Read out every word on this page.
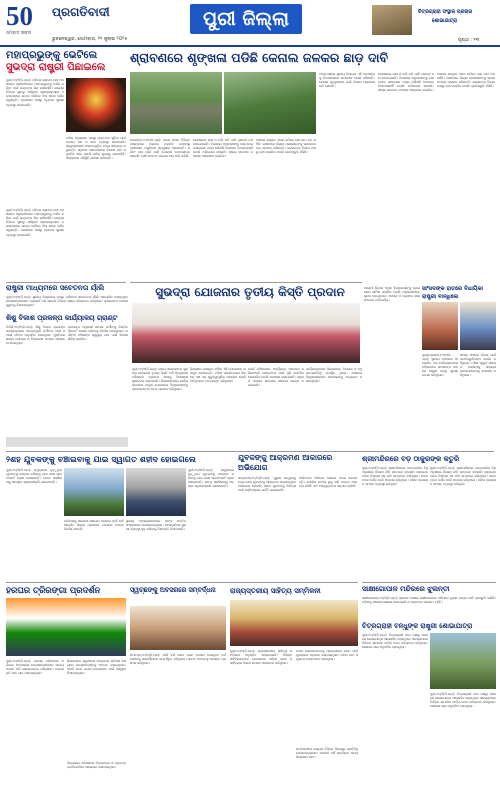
50
ସମ୍ବାଦ ଜୀବନ
ପ୍ରଗତିବାଦୀ
ଭୁବନେଶ୍ୱର, ସୋମବାର, ୨୧ ଜୁଲାଇ ୨୦୨୫
ପୁରୀ ଜିଲ୍ଲା	ଚିତ୍ରଗ୍ରାହୀ ସଂସ୍ଥାର ପ୍ରଚାର
ଶୋଭାଯାତ୍ରା
ପୃଷ୍ଠା : ୧୩
ମହାପ୍ରଭୁଙ୍କୁ ଭେଟିଲେ
ସୁଭଦ୍ରା ରାଷ୍ଟ୍ରୀ ପିଛାଇଲେ
ପୁରୀ,୨୦/୭(ନି.ପ୍ର): ପବିତ୍ର ଶ୍ରାବଣ ମାସ ଅବସରରେ ଶ୍ରୀମନ୍ଦିରରେ ମହାପ୍ରଭୁଙ୍କୁ ଦର୍ଶନ କରିବା ପାଇଁ ଭକ୍ତଙ୍କ ଭିଡ଼ ଲାଗିରହିଛି। ରାଜ୍ୟର ବିଭିନ୍ନ ସ୍ଥାନରୁ ଆସିଥିବା ଶ୍ରଦ୍ଧାଳୁମାନେ ବଡ଼ଦାଣ୍ଡରେ ଲମ୍ବା ଧାଡ଼ିରେ ଠିଆ ହୋଇ ଦର୍ଶନ କରୁଛନ୍ତି। ପ୍ରଶାସନ ପକ୍ଷରୁ ବ୍ୟାପକ ସୁରକ୍ଷା ବ୍ୟବସ୍ଥା କରାଯାଇଛି।
ମନ୍ଦିର ପ୍ରଶାସନ ପକ୍ଷରୁ ଭକ୍ତଙ୍କ ସୁବିଧା ପାଇଁ ପାନୀୟ ଜଳ ଓ ଛାଇ ବ୍ୟବସ୍ଥା କରାଯାଇଛି। ସ୍ୱେଚ୍ଛାସେବୀ ସଂଗଠନଗୁଡ଼ିକ ମଧ୍ୟ ସହଯୋଗ କରୁଛନ୍ତି। ଶ୍ରାବଣ ସୋମବାରରେ ବିଶେଷ ନୀତି ଅନୁଷ୍ଠିତ ହେବ ବୋଲି ମନ୍ଦିର ସୂତ୍ରରୁ ଜଣାପଡ଼ିଛି। ଜିଲ୍ଲାପାଳ ପରିସ୍ଥିତି ସମୀକ୍ଷା କରିଛନ୍ତି।
ପୁରୀ,୨୦/୭(ନି.ପ୍ର): ପବିତ୍ର ଶ୍ରାବଣ ମାସ ଅବସରରେ ଶ୍ରୀମନ୍ଦିରରେ ମହାପ୍ରଭୁଙ୍କୁ ଦର୍ଶନ କରିବା ପାଇଁ ଭକ୍ତଙ୍କ ଭିଡ଼ ଲାଗିରହିଛି। ରାଜ୍ୟର ବିଭିନ୍ନ ସ୍ଥାନରୁ ଆସିଥିବା ଶ୍ରଦ୍ଧାଳୁମାନେ ବଡ଼ଦାଣ୍ଡରେ ଲମ୍ବା ଧାଡ଼ିରେ ଠିଆ ହୋଇ ଦର୍ଶନ କରୁଛନ୍ତି। ପ୍ରଶାସନ ପକ୍ଷରୁ ବ୍ୟାପକ ସୁରକ୍ଷା ବ୍ୟବସ୍ଥା କରାଯାଇଛି।
ଶ୍ରାବଣରେ ଶୃଙ୍ଖଳା ପଡିଛି କେନାଲ ଜଳକର ଛାଡ଼ ଦାବି
ଡେଲାଙ୍ଗ,୨୦/୭(ନି.ପ୍ର): ବ୍ଲକ ଅଧୀନ ବିଭିନ୍ନ ପଞ୍ଚାୟତରେ କେନାଲ ମରାମତି ନହେବାରୁ ଚାଷୀମାନେ ଅସୁବିଧାର ସମ୍ମୁଖୀନ ହେଉଛନ୍ତି। ଖରିଫ ଚାଷ ପାଇଁ ପାଣି ଯୋଗାଣ ବାଧାପ୍ରାପ୍ତ ହୋଇଛି। ଚାଷୀ ସଂଗଠନ ଜଳକର ଛାଡ଼ ଦାବି କରିଛି।
କେନାଲରେ ଘାସ ଓ ଝାଡ଼ି ଜମି ପାଣି ପ୍ରବାହ ବନ୍ଦ ହୋଇଯାଇଛି। ବିଭାଗୀୟ ଅଧିକାରୀଙ୍କୁ ବାରମ୍ବାର ଜଣାଇଲେ ମଧ୍ୟ କୌଣସି ପଦକ୍ଷେପ ନିଆଯାଇନାହିଁ ବୋଲି ଅଭିଯୋଗ ହୋଇଛି। ଶୀଘ୍ର ସମାଧାନ ନହେଲେ ଆନ୍ଦୋଳନ କରାଯିବ।
ଅଞ୍ଚଳର ଶତାଧିକ ଏକର ଜମିରେ ଚାଷ କାମ ବନ୍ଦ ରହିଛି। ଚାଷୀମାନେ ଜିଲ୍ଲା ପ୍ରଶାସନଙ୍କୁ ସ୍ମାରକପତ୍ର ପ୍ରଦାନ କରିଛନ୍ତି। ଜଳସମ୍ପଦ ବିଭାଗ ପକ୍ଷରୁ ଯାଞ୍ଚ କରାଯିବ ବୋଲି ପ୍ରତିଶ୍ରୁତି ମିଳିଛି।
ଅନ୍ୟପକ୍ଷରେ ସ୍ଥାନୀୟ ବିଧାୟକ ଏହି ପ୍ରସଙ୍ଗକୁ ବିଧାନସଭାରେ ଉଠାଇବେ ବୋଲି କହିଛନ୍ତି। କେନାଲ ପୁନରୁଦ୍ଧାର ପାଇଁ ବିଶେଷ ପ୍ୟାକେଜ ଦାବି ହୋଇଛି।
କେନାଲରେ ଘାସ ଓ ଝାଡ଼ି ଜମି ପାଣି ପ୍ରବାହ ବନ୍ଦ ହୋଇଯାଇଛି। ବିଭାଗୀୟ ଅଧିକାରୀଙ୍କୁ ବାରମ୍ବାର ଜଣାଇଲେ ମଧ୍ୟ କୌଣସି ପଦକ୍ଷେପ ନିଆଯାଇନାହିଁ ବୋଲି ଅଭିଯୋଗ ହୋଇଛି। ଶୀଘ୍ର ସମାଧାନ ନହେଲେ ଆନ୍ଦୋଳନ କରାଯିବ।
ଅଞ୍ଚଳର ଶତାଧିକ ଏକର ଜମିରେ ଚାଷ କାମ ବନ୍ଦ ରହିଛି। ଚାଷୀମାନେ ଜିଲ୍ଲା ପ୍ରଶାସନଙ୍କୁ ସ୍ମାରକପତ୍ର ପ୍ରଦାନ କରିଛନ୍ତି। ଜଳସମ୍ପଦ ବିଭାଗ ପକ୍ଷରୁ ଯାଞ୍ଚ କରାଯିବ ବୋଲି ପ୍ରତିଶ୍ରୁତି ମିଳିଛି।
ରାଷ୍ଟ୍ରୀ ମାଧ୍ୟମରେ ସଚେତନତା ର୍ୟାଲି
ପୁରୀ,୨୦/୭(ନି.ପ୍ର): ସ୍ଥାନୀୟ ବିଦ୍ୟାଳୟ ପକ୍ଷରୁ ପରିବେଶ ସଚେତନତା ର୍ୟାଲି ଆୟୋଜିତ ହୋଇଥିଲା। ଛାତ୍ରଛାତ୍ରୀମାନେ ପ୍ଲାକାର୍ଡ ଧରି ସହରର ବିଭିନ୍ନ ରାସ୍ତା ପରିକ୍ରମା କରିଥିଲେ। ବୃକ୍ଷରୋପଣ ଉପରେ ଗୁରୁତ୍ୱ ଦିଆଯାଇଥିଲା।
ଶିଶୁ ବିକାଶ ପ୍ରକଳ୍ପ କାର୍ଯ୍ୟାଳୟ ଗ୍ରାଣ୍ଟ
ପିପିଲି,୨୦/୭(ନି.ପ୍ର): ଶିଶୁ ବିକାଶ ପ୍ରକଳ୍ପ କାର୍ଯ୍ୟାଳୟରେ ଅଙ୍ଗନୱାଡ଼ି କର୍ମୀଙ୍କ ପାଇଁ ସମୀକ୍ଷା ବୈଠକ ଅନୁଷ୍ଠିତ ହୋଇଥିଲା। ପୁଷ୍ଟିକର ଖାଦ୍ୟ ଯୋଗାଣ ଓ ଟିକାକରଣ ଉପରେ ଆଲୋଚନା ହୋଇଥିଲା।
ପ୍ରକଳ୍ପ ଅଧିକାରୀ ସମସ୍ତ କର୍ମୀଙ୍କୁ ନିୟମିତ ରିପୋର୍ଟ ଦାଖଲ କରିବାକୁ ନିର୍ଦ୍ଦେଶ ଦେଇଥିଲେ। ଗର୍ଭବତୀ ମହିଳାଙ୍କ ସ୍ୱାସ୍ଥ୍ୟ ଯାଞ୍ଚ ପାଇଁ ବିଶେଷ ଶିବିର କରାଯିବ।
ସୁଭଦ୍ରା ଯୋଜନାର ତୃତୀୟ କିସ୍ତି ପ୍ରଦାନ
ପୁରୀ,୨୦/୭(ନି.ପ୍ର): ରାଜ୍ୟ ସରକାରଙ୍କ ସୁଭଦ୍ରା ଯୋଜନାର ତୃତୀୟ କିସ୍ତି ଅର୍ଥ ହିତାଧିକାରୀ ମହିଳାଙ୍କ ବ୍ୟାଙ୍କ ଖାତାକୁ ସିଧାସଳଖ ସ୍ଥାନାନ୍ତର କରାଯାଇଛି। ଜିଲ୍ଲାସ୍ତରୀୟ କାର୍ଯ୍ୟକ୍ରମରେ ମନ୍ତ୍ରୀ ଯୋଗଦେଇ ହିତାଧିକାରୀଙ୍କୁ ପ୍ରତୀକାତ୍ମକ ଚେକ ପ୍ରଦାନ କରିଥିଲେ।
ଜିଲ୍ଲାରେ ଲକ୍ଷାଧିକ ମହିଳା ଏହି ଯୋଜନାରେ ଉପକୃତ ହୋଇଛନ୍ତି। ମହିଳା ସଶକ୍ତିକରଣ ଦିଗରେ ଏହା ଏକ ଗୁରୁତ୍ୱପୂର୍ଣ୍ଣ ପଦକ୍ଷେପ ବୋଲି ଅତିଥିମାନେ ମତବ୍ୟକ୍ତ କରିଥିଲେ।
ଯେଉଁ ମହିଳାମାନେ ଏପର୍ଯ୍ୟନ୍ତ ଆବେଦନ କରିନାହାନ୍ତି ସେମାନଙ୍କ ପାଇଁ ପୁଣି ପୋର୍ଟାଲ ଖୋଲାଯିବ ବୋଲି ଘୋଷଣା କରାଯାଇଛି। ବ୍ଲକ ଓ ପଞ୍ଚାୟତ ସ୍ତରରେ ସହାୟତା କେନ୍ଦ୍ର କରାଯାଇଛି।
କାର୍ଯ୍ୟକ୍ରମରେ ଜିଲ୍ଲାପାଳ, ବିଧାୟକ ଓ ବହୁ ଜନପ୍ରତିନିଧି ଉପସ୍ଥିତ ଥିଲେ। ଶେଷରେ ହିତାଧିକାରୀମାନେ ସରକାରଙ୍କୁ ଧନ୍ୟବାଦ ଜଣାଇଥିଲେ।
ଆଗାମୀ ଦିନରେ ଅଧିକ ହିତାଧିକାରୀଙ୍କୁ ଯୋଜନାରେ ସାମିଲ କରାଯିବ ବୋଲି ଅଧିକାରୀମାନେ ସୂଚନା ଦେଇଥିଲେ। ଆଧାର ଓ ବ୍ୟାଙ୍କ ଖାତା ସଂଯୋଗ ଅନିବାର୍ଯ୍ୟ।
ସାଂସଦଙ୍କ ହାତରେ ବିଧାୟିକା ରାଷ୍ଟ୍ରୀ ବାନ୍ଧିଲେ
କୃଷ୍ଣପ୍ରସାଦ,୨୦/୭(ନି.ପ୍ର): ସ୍ଥାନୀୟ ଅଞ୍ଚଳରେ ଆୟୋଜିତ ଏକ କାର୍ଯ୍ୟକ୍ରମରେ ମହିଳାମାନେ ସାଂସଦଙ୍କ ହାତରେ ରାଷ୍ଟ୍ରୀ ବାନ୍ଧି ସୁରକ୍ଷା କାମନା କରିଥିଲେ।
ସାଂସଦ ଅଞ୍ଚଳର ବିକାଶ ପାଇଁ ପ୍ରତିଶ୍ରୁତିବଦ୍ଧ ବୋଲି କହିଥିଲେ। ମହିଳା ସ୍ୱୟଂ ସହାୟକ ଗୋଷ୍ଠୀକୁ ସହାୟତା ଯୋଗାଇଦେବାକୁ ଘୋଷଣା କରିଥିଲେ।
୨ଶହ ଯୁବକଙ୍କୁ ବଞ୍ଚାଇବାକୁ ଯାଇ ସ୍ୱାଗତ ଶହୀଦ ହୋଇଗଲେ
ପୁରୀ,୨୦/୭(ନି.ପ୍ର): ସମୁଦ୍ରରେ ବୁଡ଼ୁଥିବା ଯୁବକଙ୍କୁ ଉଦ୍ଧାର କରିବାକୁ ଯାଇ ଜଣେ ଲାଇଫଗାର୍ଡ ପ୍ରାଣ ହରାଇଛନ୍ତି। ତାଙ୍କ ସାହସିକତାକୁ ସମସ୍ତେ ଶ୍ରଦ୍ଧାଞ୍ଜଳି ଜଣାଇଛନ୍ତି।
ପରିବାରକୁ ସରକାରୀ ସହାୟତା ପ୍ରଦାନ ପାଇଁ ଦାବି ହୋଇଛି। ଜିଲ୍ଲା ପ୍ରଶାସନ ଘଟଣାର ତଦନ୍ତ ନିର୍ଦ୍ଦେଶ ଦେଇଛି।
ସ୍ଥାନୀୟ ମତ୍ସ୍ୟଜୀବୀମାନେ ତାଙ୍କ ଅନ୍ତିମ ସଂସ୍କାରରେ ଯୋଗଦେଇଥିଲେ। ବେଳାଭୂମିରେ ସୁରକ୍ଷା ବ୍ୟବସ୍ଥା ଦୃଢ଼ କରିବାକୁ ନିଷ୍ପତ୍ତି ନିଆଯାଇଛି।
ପୁରୀ,୨୦/୭(ନି.ପ୍ର): ସମୁଦ୍ରରେ ବୁଡ଼ୁଥିବା ଯୁବକଙ୍କୁ ଉଦ୍ଧାର କରିବାକୁ ଯାଇ ଜଣେ ଲାଇଫଗାର୍ଡ ପ୍ରାଣ ହରାଇଛନ୍ତି। ତାଙ୍କ ସାହସିକତାକୁ ସମସ୍ତେ ଶ୍ରଦ୍ଧାଞ୍ଜଳି ଜଣାଇଛନ୍ତି।
ଯୁବକଙ୍କୁ ଆକ୍ରମଣ ଆକାରରେ ଅଭିଯୋଗ
ସତ୍ୟବାଦୀ,୨୦/୭(ନି.ପ୍ର): ପୁରୁଣା ଶତ୍ରୁତାକୁ ନେଇ ଜଣେ ଯୁବକଙ୍କୁ ଆକ୍ରମଣ କରାଯାଇଥିବା ଅଭିଯୋଗ ହୋଇଛି। ଆହତ ଯୁବକଙ୍କୁ ଚିକିତ୍ସା ପାଇଁ ହସ୍ପିଟାଲରେ ଭର୍ତ୍ତି କରାଯାଇଛି।
ପୀଡ଼ିତଙ୍କ ପରିବାର ଥାନାରେ ଏତଲା ଦେଇଛନ୍ତି। ପୋଲିସ ମାମଲା ରୁଜୁ କରି ତଦନ୍ତ ଆରମ୍ଭ କରିଛି ଏବଂ ଅଭିଯୁକ୍ତଙ୍କ ସନ୍ଧାନ ଚାଲିଛି।
ଶ୍ରୀମନ୍ଦିରରେ ବଡ଼ ଠାକୁରଙ୍କ କତୁରି
ପୁରୀ,୨୦/୭(ନି.ପ୍ର): ଶ୍ରୀମନ୍ଦିରରେ ପାରମ୍ପରିକ ବିଧି ଅନୁସାରେ ବିଶେଷ ନୀତି ସମ୍ପନ୍ନ ହୋଇଛି। ସେବାୟତମାନେ ନିଷ୍ଠାର ସହ ନୀତି ସମ୍ପାଦନ କରିଥିଲେ। ଭକ୍ତମାନେ ଦର୍ଶନ ପାଇଁ ଅପେକ୍ଷା କରିଥିଲେ। ମନ୍ଦିର ପ୍ରଶାସନ ସମସ୍ତ ବ୍ୟବସ୍ଥା କରିଥିଲା।
ପୁରୀ,୨୦/୭(ନି.ପ୍ର): ଶ୍ରୀମନ୍ଦିରରେ ପାରମ୍ପରିକ ବିଧି ଅନୁସାରେ ବିଶେଷ ନୀତି ସମ୍ପନ୍ନ ହୋଇଛି। ସେବାୟତମାନେ ନିଷ୍ଠାର ସହ ନୀତି ସମ୍ପାଦନ କରିଥିଲେ। ଭକ୍ତମାନେ ଦର୍ଶନ ପାଇଁ ଅପେକ୍ଷା କରିଥିଲେ। ମନ୍ଦିର ପ୍ରଶାସନ ସମସ୍ତ ବ୍ୟବସ୍ଥା କରିଥିଲା।
ସାକ୍ଷୀଗୋପାଳ ମନ୍ଦିରରେ ଝୁଲନ୍ତୀ
ସାକ୍ଷୀଗୋପାଳ,୨୦/୭(ନି.ପ୍ର): ଶ୍ରାବଣ ମାସରେ ସାକ୍ଷୀଗୋପାଳ ମନ୍ଦିରରେ ଝୁଲଣ ଯାତ୍ରା ପାଇଁ ପ୍ରସ୍ତୁତି ଚାଲିଛି। ମନ୍ଦିରକୁ ଆଲୋକମାଳାରେ ସଜାଯାଇଛି ଓ ଭକ୍ତଙ୍କ ସମାଗମ ବଢ଼ିଛି।
ଚିତ୍ରଗ୍ରାହୀ ବନ୍ଧୁଙ୍କ ରାଷ୍ଟ୍ରୀ ଶୋଭାଯାତ୍ରା
ପୁରୀ,୨୦/୭(ନି.ପ୍ର): ଚିତ୍ରଗ୍ରାହୀ ସଂଘ ପକ୍ଷରୁ ସହରରେ ଶୋଭାଯାତ୍ରା ଆୟୋଜିତ ହୋଇଥିଲା। ସଦସ୍ୟମାନେ ବିଭିନ୍ନ ସାମାଜିକ ବାର୍ତ୍ତା ନେଇ ପରିକ୍ରମା କରିଥିଲେ। ଶେଷରେ ସଭା ଅନୁଷ୍ଠିତ ହୋଇଥିଲା।
ପୁରୀ,୨୦/୭(ନି.ପ୍ର): ଚିତ୍ରଗ୍ରାହୀ ସଂଘ ପକ୍ଷରୁ ସହରରେ ଶୋଭାଯାତ୍ରା ଆୟୋଜିତ ହୋଇଥିଲା। ସଦସ୍ୟମାନେ ବିଭିନ୍ନ ସାମାଜିକ ବାର୍ତ୍ତା ନେଇ ପରିକ୍ରମା କରିଥିଲେ। ଶେଷରେ ସଭା ଅନୁଷ୍ଠିତ ହୋଇଥିଲା।
ହରଘର ତ୍ରିରଙ୍ଗା ପ୍ରଦର୍ଶନ
ପୁରୀ,୨୦/୭(ନି.ପ୍ର): ହରଘର ତ୍ରିରଙ୍ଗା ଅଭିଯାନ ଅବସରରେ ଛାତ୍ରଛାତ୍ରୀମାନେ ଜାତୀୟ ପତାକା ଧରି ଶୋଭାଯାତ୍ରା କରିଥିଲେ। ଦେଶଭକ୍ତି ଗୀତ ଗାନ କରାଯାଇଥିଲା।
ଶିକ୍ଷକମାନେ ସ୍ୱାଧୀନତା ସଂଗ୍ରାମର ଇତିହାସ ବିଷୟରେ ଛାତ୍ରଛାତ୍ରୀଙ୍କୁ ଅବଗତ କରାଇଥିଲେ। ପ୍ରତି ଘରେ ପତାକା ଉତ୍ତୋଳନ ପାଇଁ ଆହ୍ୱାନ ଦିଆଯାଇଥିଲା।
ବିଦ୍ୟାଳୟ ପରିସରରେ ଚିତ୍ରାଙ୍କନ ଓ ପ୍ରବନ୍ଧ ପ୍ରତିଯୋଗିତା ଆୟୋଜନ କରାଯାଇଥିଲା।
ସ୍ୱଚ୍ଛଙ୍କୁ ଅବସରରେ ସମ୍ବର୍ଦ୍ଧନା
ନିମାପଡ଼ା,୨୦/୭(ନି.ପ୍ର): ଦୀର୍ଘ ବର୍ଷ ସେବା ପରେ ଅବସର ନେଉଥିବା କର୍ମଚାରୀଙ୍କୁ ସହକର୍ମୀମାନେ ସମ୍ବର୍ଦ୍ଧିତ କରିଥିଲେ। ତାଙ୍କ ଅବଦାନକୁ ସମସ୍ତେ ପ୍ରଶଂସା କରିଥିଲେ।
ରାଜ୍ୟସ୍ତରୀୟ ସାହିତ୍ୟ ସମ୍ମିଳନୀ
ପୁରୀ,୨୦/୭(ନି.ପ୍ର): ରାଜ୍ୟସ୍ତରୀୟ ସାହିତ୍ୟ ସମ୍ମିଳନୀ ଅନୁଷ୍ଠିତ ହୋଇଯାଇଛି। ବିଶିଷ୍ଟ ସାହିତ୍ୟିକମାନେ ଯୋଗଦେଇ ଓଡ଼ିଆ ଭାଷା ଓ ସାହିତ୍ୟର ବିକାଶ ଉପରେ ଆଲୋଚନା କରିଥିଲେ।
ନବୀନ ଲେଖକମାନଙ୍କୁ ପ୍ରୋତ୍ସାହନ ଦେବା ପାଇଁ ପୁରସ୍କାର ପ୍ରଦାନ କରାଯାଇଥିଲା। କବିତା ପାଠ ଓ ପୁସ୍ତକ ଉନ୍ମୋଚନ ହୋଇଥିଲା।
ସମ୍ମିଳନୀରେ ରାଜ୍ୟର ବିଭିନ୍ନ ଜିଲ୍ଲାରୁ ପ୍ରତିନିଧି ଯୋଗଦେଇଥିଲେ। ଆଗାମୀ ବର୍ଷ ସମ୍ମିଳନୀ ଅନ୍ୟ ଜିଲ୍ଲାରେ ହେବ।
